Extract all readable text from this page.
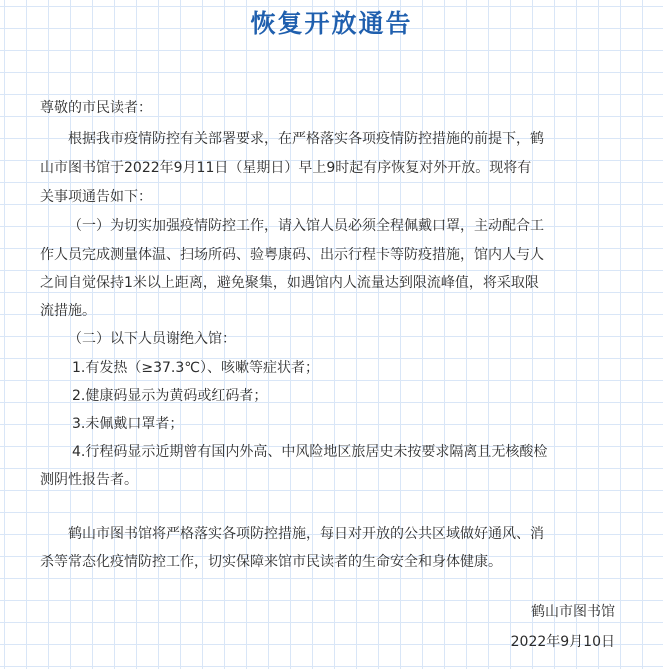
恢复开放通告
尊敬的市民读者：
根据我市疫情防控有关部署要求，在严格落实各项疫情防控措施的前提下，鹤
山市图书馆于2022年9月11日（星期日）早上9时起有序恢复对外开放。现将有
关事项通告如下：
（一）为切实加强疫情防控工作，请入馆人员必须全程佩戴口罩，主动配合工
作人员完成测量体温、扫场所码、验粤康码、出示行程卡等防疫措施，馆内人与人
之间自觉保持1米以上距离，避免聚集，如遇馆内人流量达到限流峰值，将采取限
流措施。
（二）以下人员谢绝入馆：
1.有发热（≥37.3℃）、咳嗽等症状者；
2.健康码显示为黄码或红码者；
3.未佩戴口罩者；
4.行程码显示近期曾有国内外高、中风险地区旅居史未按要求隔离且无核酸检
测阴性报告者。
鹤山市图书馆将严格落实各项防控措施，每日对开放的公共区域做好通风、消
杀等常态化疫情防控工作，切实保障来馆市民读者的生命安全和身体健康。
鹤山市图书馆
2022年9月10日
